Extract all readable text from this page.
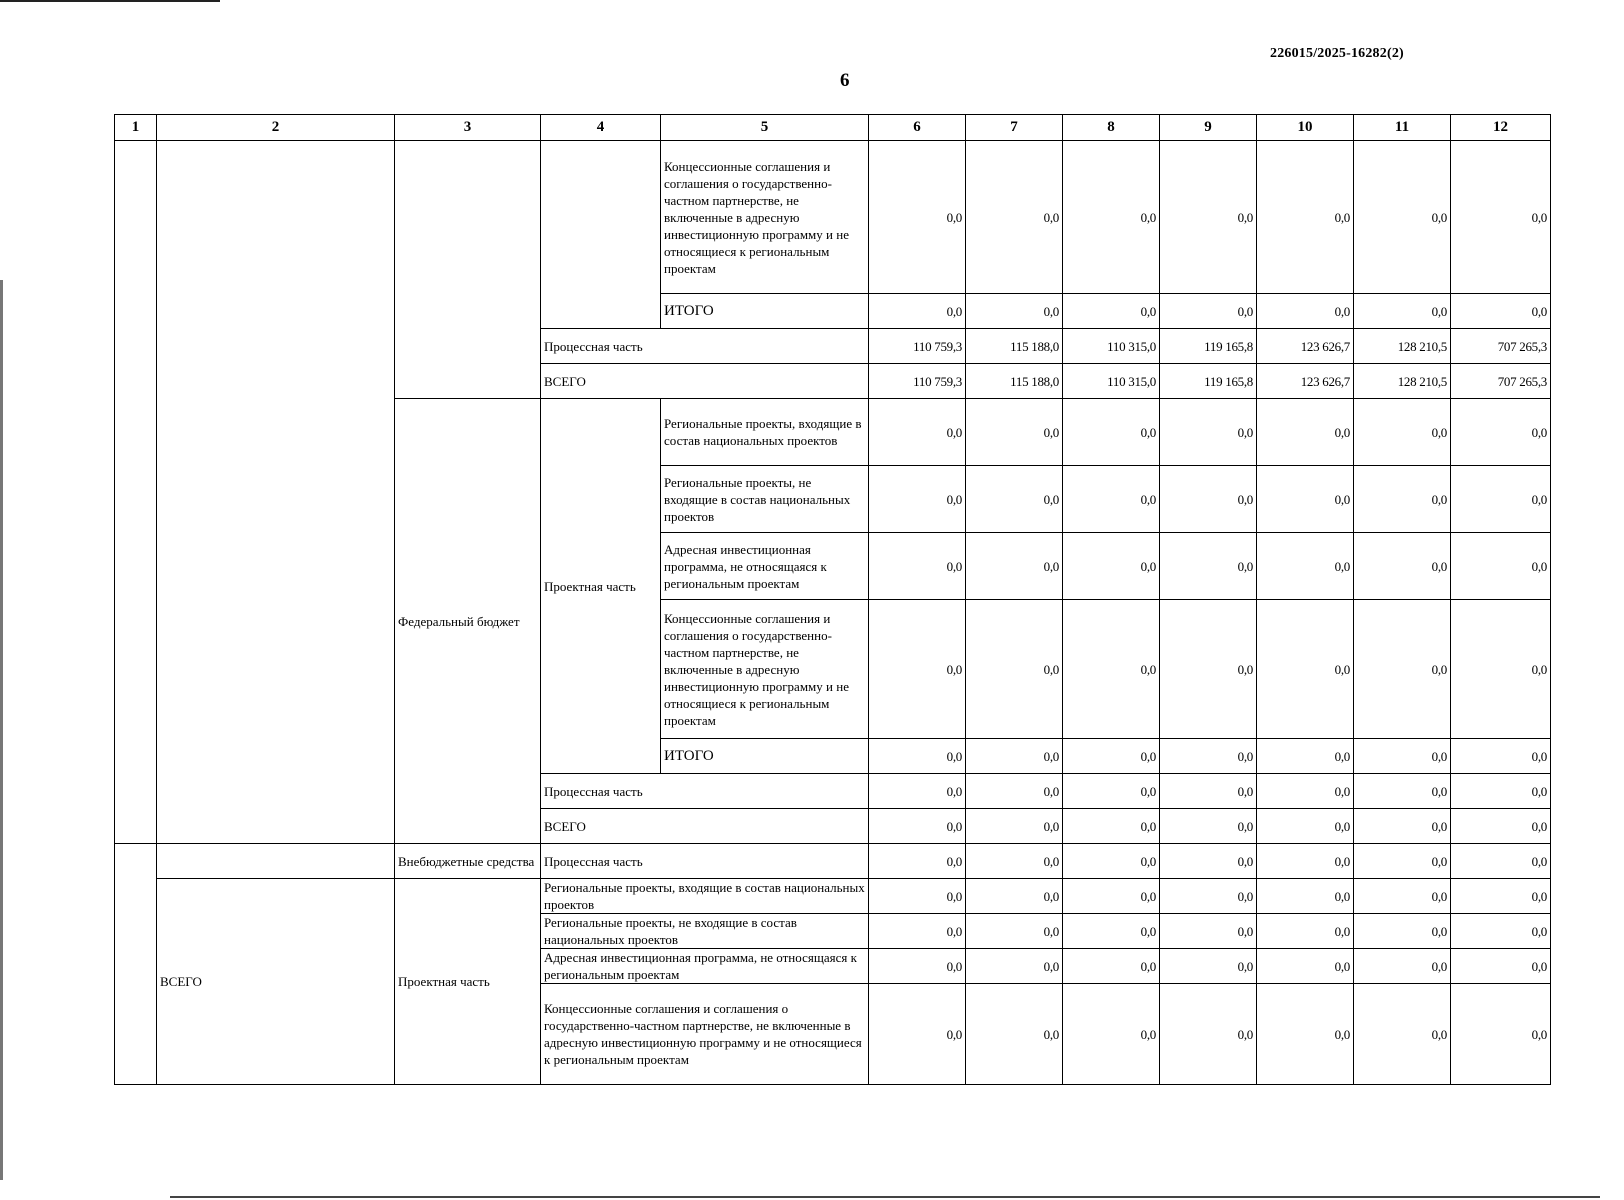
226015/2025-16282(2)
6
1	2	3	4	5	6	7	8	9	10	11	12
				Концессионные соглашения и соглашения о государственно-частном партнерстве, не включенные в адресную инвестиционную программу и не относящиеся к региональным проектам	0,0	0,0	0,0	0,0	0,0	0,0	0,0
				ИТОГО	0,0	0,0	0,0	0,0	0,0	0,0	0,0
			Процессная часть		110 759,3	115 188,0	110 315,0	119 165,8	123 626,7	128 210,5	707 265,3
			ВСЕГО		110 759,3	115 188,0	110 315,0	119 165,8	123 626,7	128 210,5	707 265,3
		Федеральный бюджет	Проектная часть	Региональные проекты, входящие в состав национальных проектов	0,0	0,0	0,0	0,0	0,0	0,0	0,0
				Региональные проекты, не входящие в состав национальных проектов	0,0	0,0	0,0	0,0	0,0	0,0	0,0
				Адресная инвестиционная программа, не относящаяся к региональным проектам	0,0	0,0	0,0	0,0	0,0	0,0	0,0
				Концессионные соглашения и соглашения о государственно-частном партнерстве, не включенные в адресную инвестиционную программу и не относящиеся к региональным проектам	0,0	0,0	0,0	0,0	0,0	0,0	0,0
				ИТОГО	0,0	0,0	0,0	0,0	0,0	0,0	0,0
			Процессная часть		0,0	0,0	0,0	0,0	0,0	0,0	0,0
			ВСЕГО		0,0	0,0	0,0	0,0	0,0	0,0	0,0
		Внебюджетные средства	Процессная часть		0,0	0,0	0,0	0,0	0,0	0,0	0,0
	ВСЕГО	Проектная часть	Региональные проекты, входящие в состав национальных проектов		0,0	0,0	0,0	0,0	0,0	0,0	0,0
			Региональные проекты, не входящие в состав национальных проектов		0,0	0,0	0,0	0,0	0,0	0,0	0,0
			Адресная инвестиционная программа, не относящаяся к региональным проектам		0,0	0,0	0,0	0,0	0,0	0,0	0,0
			Концессионные соглашения и соглашения о государственно-частном партнерстве, не включенные в адресную инвестиционную программу и не относящиеся к региональным проектам		0,0	0,0	0,0	0,0	0,0	0,0	0,0
